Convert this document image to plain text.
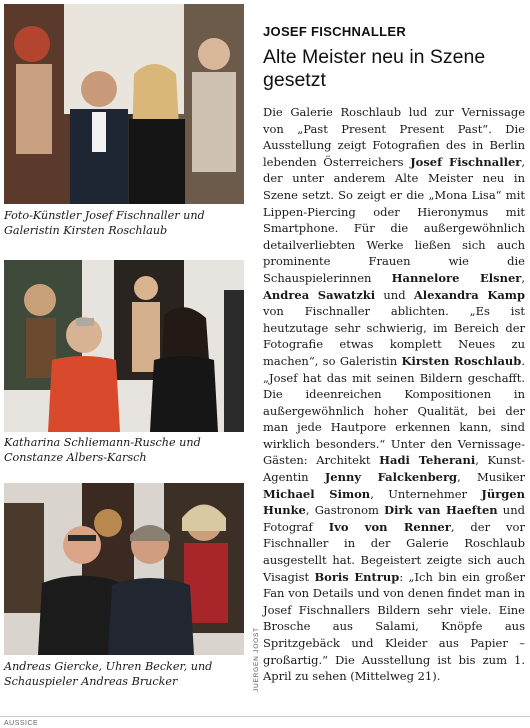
Foto-Künstler Josef Fischnaller und Galeristin Kirsten Roschlaub
Katharina Schliemann-Rusche und Constanze Albers-Karsch
Andreas Giercke, Uhren Becker, und Schauspieler Andreas Brucker	JUERGEN JOOST
JOSEF FISCHNALLER
Alte Meister neu in Szene gesetzt

Die Galerie Roschlaub lud zur Vernissage von „Past Present Present Past“. Die Ausstellung zeigt Fotografien des in Berlin lebenden Österreichers Josef Fischnaller, der unter anderem Alte Meister neu in Szene setzt. So zeigt er die „Mona Lisa“ mit Lippen-Piercing oder Hieronymus mit Smartphone. Für die außergewöhnlich detailverliebten Werke ließen sich auch prominente Frauen wie die Schauspielerinnen Hannelore Elsner, Andrea Sawatzki und Alexandra Kamp von Fischnaller ablichten. „Es ist heutzutage sehr schwierig, im Bereich der Fotografie etwas komplett Neues zu machen“, so Galeristin Kirsten Roschlaub. „Josef hat das mit seinen Bildern geschafft. Die ideenreichen Kompositionen in außergewöhnlich hoher Qualität, bei der man jede Hautpore erkennen kann, sind wirklich besonders.“ Unter den Vernissage-Gästen: Architekt Hadi Teherani, Kunst-Agentin Jenny Falckenberg, Musiker Michael Simon, Unternehmer Jürgen Hunke, Gastronom Dirk van Haeften und Fotograf Ivo von Renner, der vor Fischnaller in der Galerie Roschlaub ausgestellt hat. Begeistert zeigte sich auch Visagist Boris Entrup: „Ich bin ein großer Fan von Details und von denen findet man in Josef Fischnallers Bildern sehr viele. Eine Brosche aus Salami, Knöpfe aus Spritzgebäck und Kleider aus Papier – großartig.“ Die Ausstellung ist bis zum 1. April zu sehen (Mittelweg 21).

AUSSICE
